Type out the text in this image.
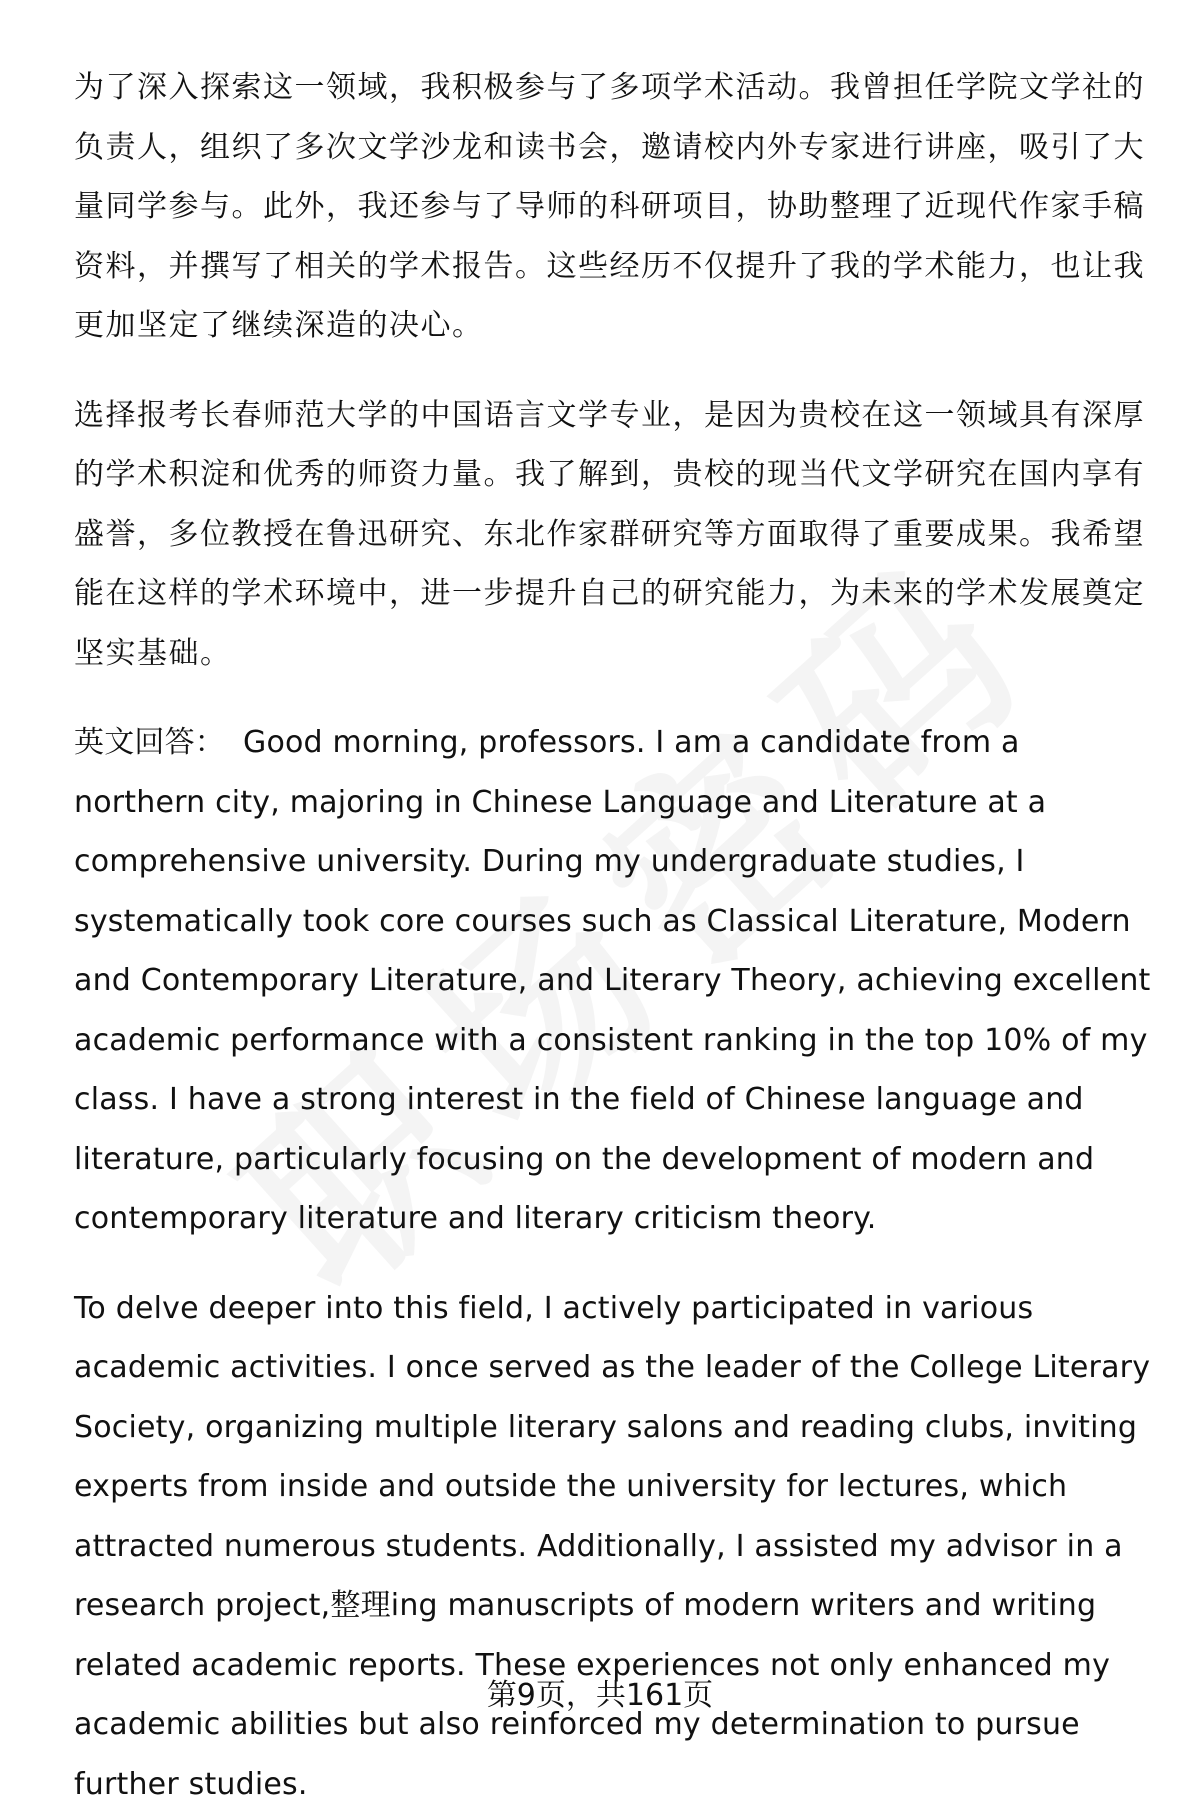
为了深入探索这一领域，我积极参与了多项学术活动。我曾担任学院文学社的负责人，组织了多次文学沙龙和读书会，邀请校内外专家进行讲座，吸引了大量同学参与。此外，我还参与了导师的科研项目，协助整理了近现代作家手稿资料，并撰写了相关的学术报告。这些经历不仅提升了我的学术能力，也让我更加坚定了继续深造的决心。

选择报考长春师范大学的中国语言文学专业，是因为贵校在这一领域具有深厚的学术积淀和优秀的师资力量。我了解到，贵校的现当代文学研究在国内享有盛誉，多位教授在鲁迅研究、东北作家群研究等方面取得了重要成果。我希望能在这样的学术环境中，进一步提升自己的研究能力，为未来的学术发展奠定坚实基础。

英文回答： Good morning, professors. I am a candidate from a northern city, majoring in Chinese Language and Literature at a comprehensive university. During my undergraduate studies, I systematically took core courses such as Classical Literature, Modern and Contemporary Literature, and Literary Theory, achieving excellent academic performance with a consistent ranking in the top 10% of my class. I have a strong interest in the field of Chinese language and literature, particularly focusing on the development of modern and contemporary literature and literary criticism theory.

To delve deeper into this field, I actively participated in various academic activities. I once served as the leader of the College Literary Society, organizing multiple literary salons and reading clubs, inviting experts from inside and outside the university for lectures, which attracted numerous students. Additionally, I assisted my advisor in a research project,整理ing manuscripts of modern writers and writing related academic reports. These experiences not only enhanced my academic abilities but also reinforced my determination to pursue further studies.

第9页，共161页
